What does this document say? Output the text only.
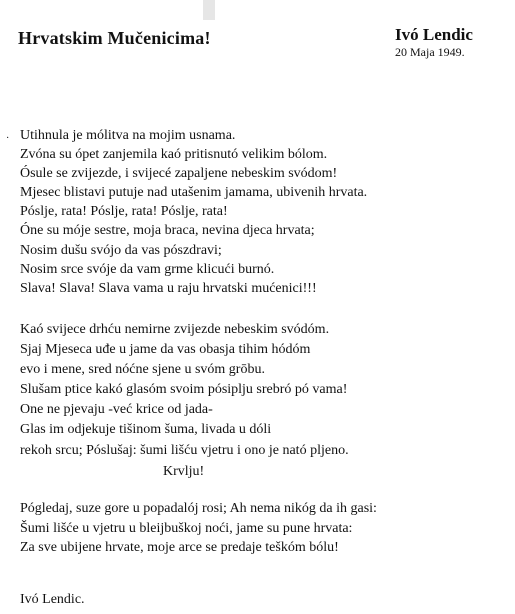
Hrvatskim Mučenicima!	Ivó Lendic
20 Maja 1949.
· Utihnula je mólitva na mojim usnama.
Zvóna su ópet zanjemila kaó pritisnutó velikim bólom.
Ósule se zvijezde, i svijecé zapaljene nebeskim svódom!
Mjesec blistavi putuje nad utašenim jamama, ubivenih hrvata.
Póslje, rata! Póslje, rata! Póslje, rata!
Óne su móje sestre, moja braca, nevina djeca hrvata;
Nosim dušu svójo da vas pószdravi;
Nosim srce svóje da vam grme klicući burnó.
Slava! Slava! Slava vama u raju hrvatski mućenici!!!
Kaó svijece drhću nemirne zvijezde nebeskim svódóm.
Sjaj Mjeseca uđe u jame da vas obasja tihim hódóm
evo i mene, sred nóćne sjene u svóm grōbu.
Slušam ptice kakó glasóm svoim pósiplju srebró pó vama!
One ne pjevaju -već krice od jada-
Glas im odjekuje tišinom šuma, livada u dóli
rekoh srcu; Póslušaj: šumi lišću vjetru i ono je nató pljeno.
Krvlju!
Pógledaj, suze gore u popadalój rosi; Ah nema nikóg da ih gasi:
Šumi lišće u vjetru u bleijbuškoj noći, jame su pune hrvata:
Za sve ubijene hrvate, moje arce se predaje teškóm bólu!
Ivó Lendic.
